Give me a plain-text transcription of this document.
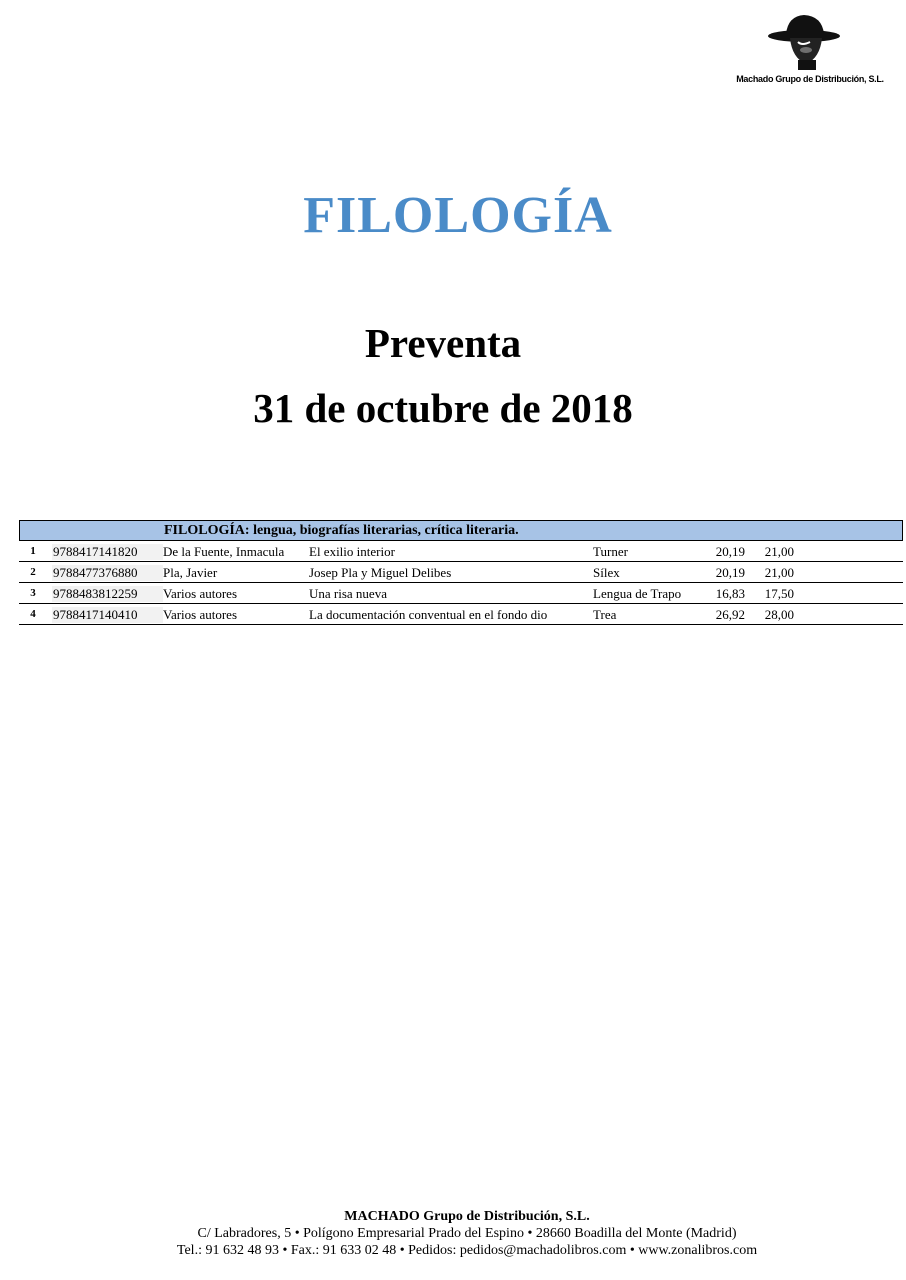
Machado Grupo de Distribución, S.L.
FILOLOGÍA
Preventa
31 de octubre de 2018
FILOLOGÍA: lengua, biografías literarias, crítica literaria.
1	9788417141820	De la Fuente, Inmacula	El exilio interior	Turner	20,19	21,00
2	9788477376880	Pla, Javier	Josep Pla y Miguel Delibes	Sílex	20,19	21,00
3	9788483812259	Varios autores	Una risa nueva	Lengua de Trapo	16,83	17,50
4	9788417140410	Varios autores	La documentación conventual en el fondo dio	Trea	26,92	28,00
MACHADO Grupo de Distribución, S.L.
C/ Labradores, 5 • Polígono Empresarial Prado del Espino • 28660 Boadilla del Monte (Madrid)
Tel.: 91 632 48 93 • Fax.: 91 633 02 48 • Pedidos: pedidos@machadolibros.com • www.zonalibros.com
